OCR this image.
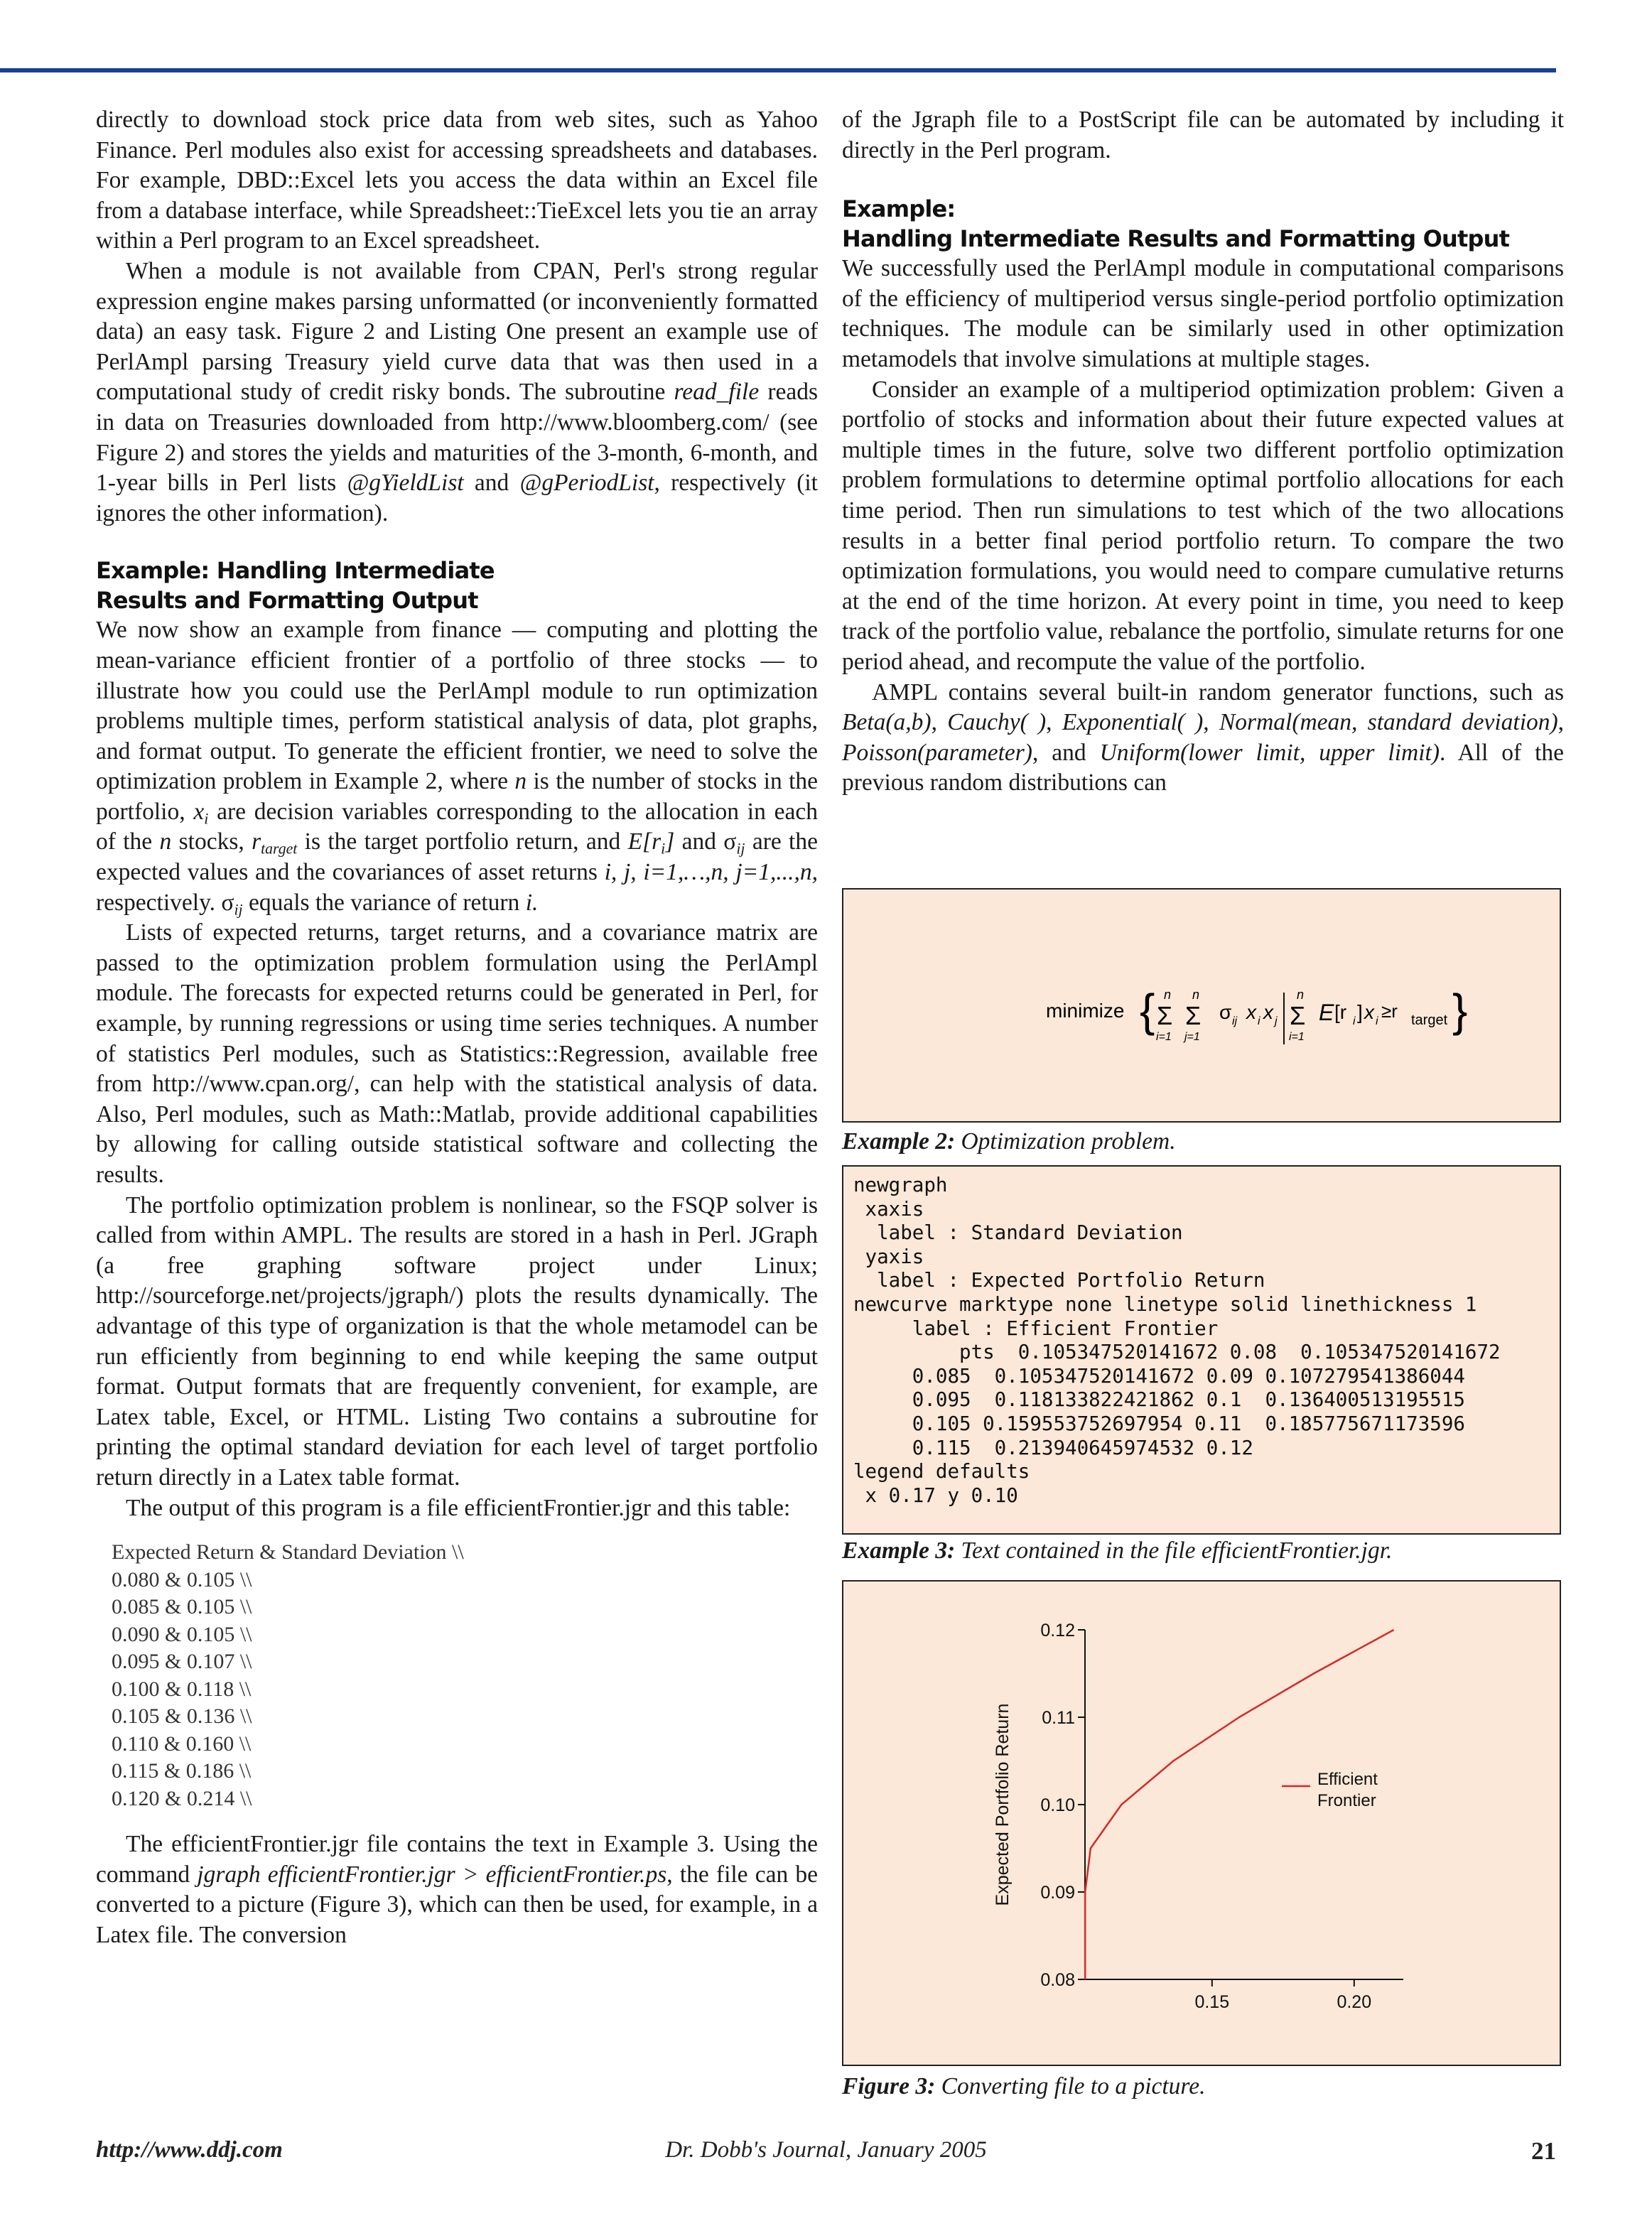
directly to download stock price data from web sites, such as Yahoo Finance. Perl modules also exist for accessing spreadsheets and databases. For example, DBD::Excel lets you access the data within an Excel file from a database interface, while Spreadsheet::TieExcel lets you tie an array within a Perl program to an Excel spreadsheet.

When a module is not available from CPAN, Perl's strong regular expression engine makes parsing unformatted (or inconveniently formatted data) an easy task. Figure 2 and Listing One present an example use of PerlAmpl parsing Treasury yield curve data that was then used in a computational study of credit risky bonds. The subroutine read_file reads in data on Treasuries downloaded from http://www.bloomberg.com/ (see Figure 2) and stores the yields and maturities of the 3-month, 6-month, and 1-year bills in Perl lists @gYieldList and @gPeriodList, respectively (it ignores the other information).

Example: Handling Intermediate
Results and Formatting Output

We now show an example from finance — computing and plotting the mean-variance efficient frontier of a portfolio of three stocks — to illustrate how you could use the PerlAmpl module to run optimization problems multiple times, perform statistical analysis of data, plot graphs, and format output. To generate the efficient frontier, we need to solve the optimization problem in Example 2, where n is the number of stocks in the portfolio, $x_i$ are decision variables corresponding to the allocation in each of the n stocks, $r_{target}$ is the target portfolio return, and $E[r_i]$ and $\sigma_{ij}$ are the expected values and the covariances of asset returns i, j, i=1,…,n, j=1,...,n, respectively. $\sigma_{ij}$ equals the variance of return i.

Lists of expected returns, target returns, and a covariance matrix are passed to the optimization problem formulation using the PerlAmpl module. The forecasts for expected returns could be generated in Perl, for example, by running regressions or using time series techniques. A number of statistics Perl modules, such as Statistics::Regression, available free from http://www.cpan.org/, can help with the statistical analysis of data. Also, Perl modules, such as Math::Matlab, provide additional capabilities by allowing for calling outside statistical software and collecting the results.

The portfolio optimization problem is nonlinear, so the FSQP solver is called from within AMPL. The results are stored in a hash in Perl. JGraph (a free graphing software project under Linux; http://sourceforge.net/projects/jgraph/) plots the results dynamically. The advantage of this type of organization is that the whole metamodel can be run efficiently from beginning to end while keeping the same output format. Output formats that are frequently convenient, for example, are Latex table, Excel, or HTML. Listing Two contains a subroutine for printing the optimal standard deviation for each level of target portfolio return directly in a Latex table format.

The output of this program is a file efficientFrontier.jgr and this table:

Expected Return & Standard Deviation \\
0.080 & 0.105 \\
0.085 & 0.105 \\
0.090 & 0.105 \\
0.095 & 0.107 \\
0.100 & 0.118 \\
0.105 & 0.136 \\
0.110 & 0.160 \\
0.115 & 0.186 \\
0.120 & 0.214 \\

The efficientFrontier.jgr file contains the text in Example 3. Using the command jgraph efficientFrontier.jgr > efficientFrontier.ps, the file can be converted to a picture (Figure 3), which can then be used, for example, in a Latex file. The conversion

of the Jgraph file to a PostScript file can be automated by including it directly in the Perl program.

Example:
Handling Intermediate Results and Formatting Output

We successfully used the PerlAmpl module in computational comparisons of the efficiency of multiperiod versus single-period portfolio optimization techniques. The module can be similarly used in other optimization metamodels that involve simulations at multiple stages.

Consider an example of a multiperiod optimization problem: Given a portfolio of stocks and information about their future expected values at multiple times in the future, solve two different portfolio optimization problem formulations to determine optimal portfolio allocations for each time period. Then run simulations to test which of the two allocations results in a better final period portfolio return. To compare the two optimization formulations, you would need to compare cumulative returns at the end of the time horizon. At every point in time, you need to keep track of the portfolio value, rebalance the portfolio, simulate returns for one period ahead, and recompute the value of the portfolio.

AMPL contains several built-in random generator functions, such as Beta(a,b), Cauchy( ), Exponential( ), Normal(mean, standard deviation), Poisson(parameter), and Uniform(lower limit, upper limit). All of the previous random distributions can

minimize { n
Σ
i=1
n
Σ
j=1
σ ij x i x j
n
Σ
i=1
E [r i ] x i ≥r target }
Example 2: Optimization problem.
newgraph
xaxis
label : Standard Deviation
yaxis
label : Expected Portfolio Return
newcurve marktype none linetype solid linethickness 1
label : Efficient Frontier
pts  0.105347520141672 0.08  0.105347520141672
0.085  0.105347520141672 0.09 0.107279541386044
0.095  0.118133822421862 0.1  0.136400513195515
0.105 0.159553752697954 0.11  0.185775671173596
0.115  0.213940645974532 0.12
legend defaults
x 0.17 y 0.10
Example 3: Text contained in the file efficientFrontier.jgr.
0.08
0.09
0.10
0.11
0.12
0.15	0.20
Expected Portfolio Return	Efficient
Frontier
Figure 3: Converting file to a picture.
Dr. Dobb's Journal, January 2005
http://www.ddj.com	21
